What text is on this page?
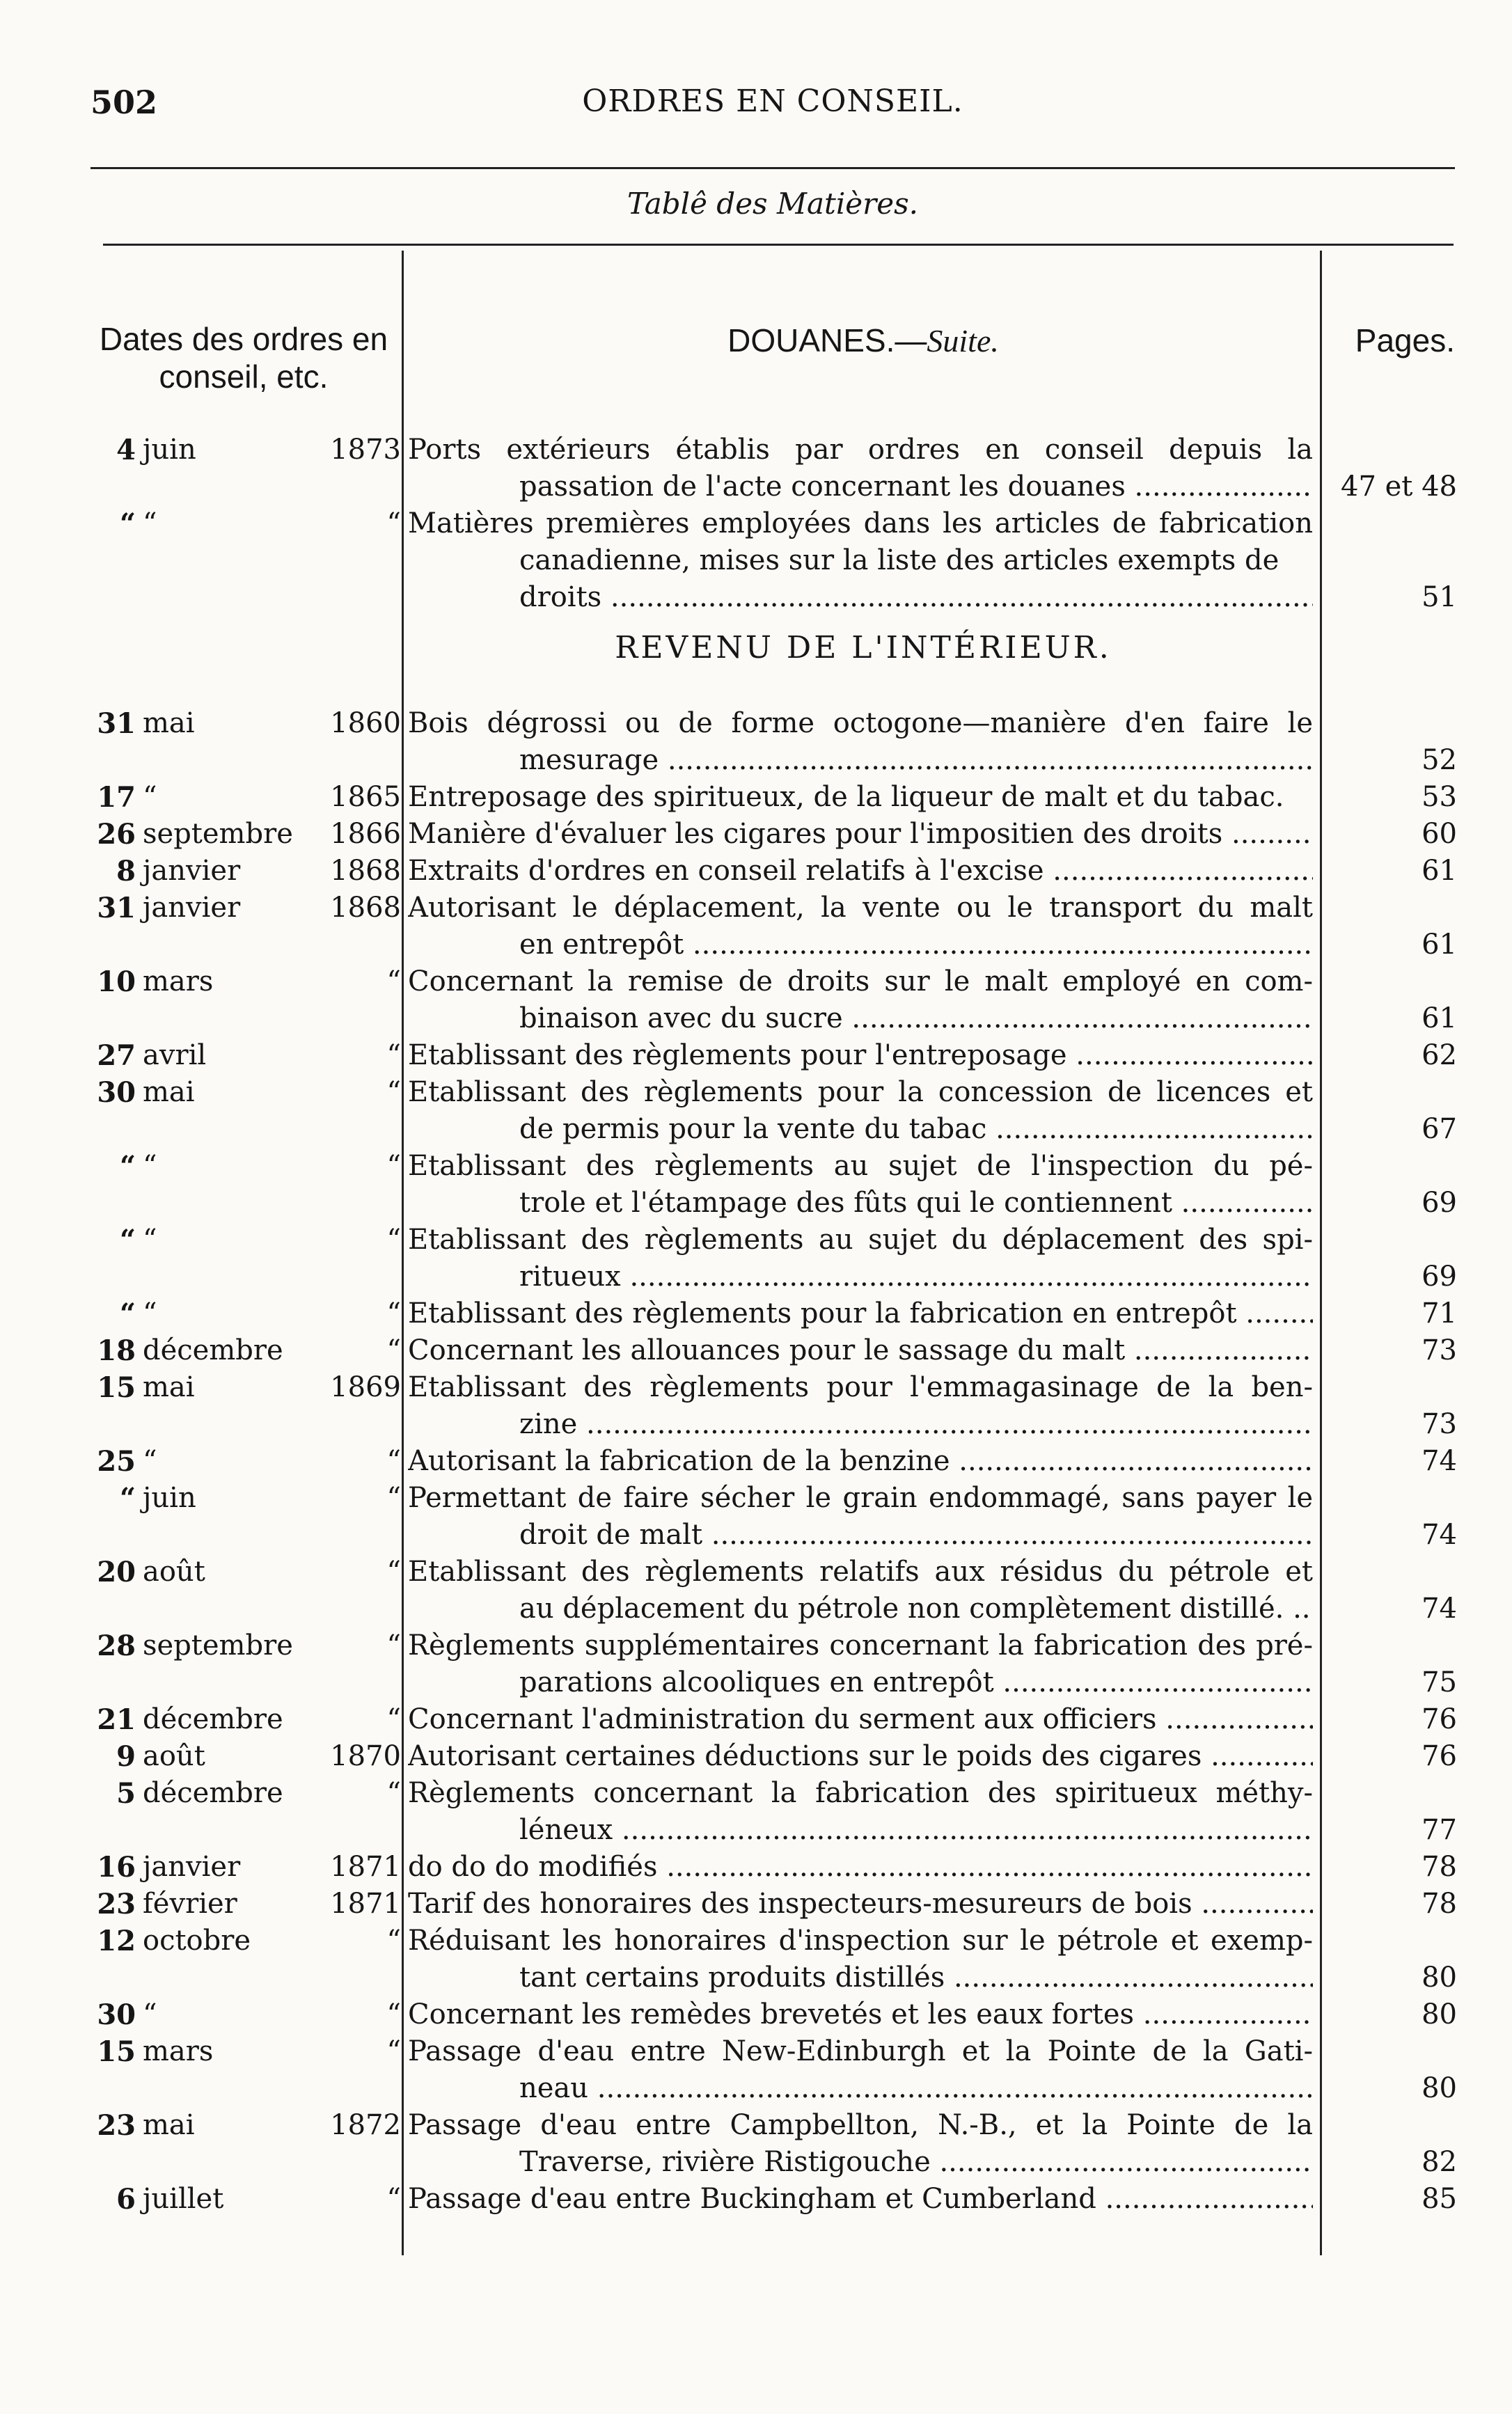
502	ORDRES EN CONSEIL.
Tablê des Matières.
Dates des ordres en
conseil, etc.
DOUANES.—Suite.	Pages.
4 juin	1873 Ports extérieurs établis par ordres en conseil depuis la
passation de l'acte concernant les douanes .....	47 et 48
“ “	“ Matières premières employées dans les articles de fabrication
canadienne, mises sur la liste des articles exempts de
droits .....	51
REVENU DE L'INTÉRIEUR.
31 mai	1860 Bois dégrossi ou de forme octogone—manière d'en faire le
mesurage .....	52
17 “	1865 Entreposage des spiritueux, de la liqueur de malt et du tabac.	53
26 septembre	1866 Manière d'évaluer les cigares pour l'impositien des droits .....	60
8 janvier	1868 Extraits d'ordres en conseil relatifs à l'excise .....	61
31 janvier	1868 Autorisant le déplacement, la vente ou le transport du malt
en entrepôt .....	61
10 mars	“ Concernant la remise de droits sur le malt employé en com-
binaison avec du sucre .....	61
27 avril	“ Etablissant des règlements pour l'entreposage .....	62
30 mai	“ Etablissant des règlements pour la concession de licences et
de permis pour la vente du tabac .....	67
“ “	“ Etablissant des règlements au sujet de l'inspection du pé-
trole et l'étampage des fûts qui le contiennent .....	69
“ “	“ Etablissant des règlements au sujet du déplacement des spi-
ritueux .....	69
“ “	“ Etablissant des règlements pour la fabrication en entrepôt .....	71
18 décembre	“ Concernant les allouances pour le sassage du malt .....	73
15 mai	1869 Etablissant des règlements pour l'emmagasinage de la ben-
zine .....	73
25 “	“ Autorisant la fabrication de la benzine .....	74
“ juin	“ Permettant de faire sécher le grain endommagé, sans payer le
droit de malt .....	74
20 août	“ Etablissant des règlements relatifs aux résidus du pétrole et
au déplacement du pétrole non complètement distillé. .....	74
28 septembre	“ Règlements supplémentaires concernant la fabrication des pré-
parations alcooliques en entrepôt .....	75
21 décembre	“ Concernant l'administration du serment aux officiers .....	76
9 août	1870 Autorisant certaines déductions sur le poids des cigares .....	76
5 décembre	“ Règlements concernant la fabrication des spiritueux méthy-
léneux .....	77
16 janvier	1871 do do do modifiés .....	78
23 février	1871 Tarif des honoraires des inspecteurs-mesureurs de bois .....	78
12 octobre	“ Réduisant les honoraires d'inspection sur le pétrole et exemp-
tant certains produits distillés .....	80
30 “	“ Concernant les remèdes brevetés et les eaux fortes .....	80
15 mars	“ Passage d'eau entre New-Edinburgh et la Pointe de la Gati-
neau .....	80
23 mai	1872 Passage d'eau entre Campbellton, N.-B., et la Pointe de la
Traverse, rivière Ristigouche .....	82
6 juillet	“ Passage d'eau entre Buckingham et Cumberland .....	85
